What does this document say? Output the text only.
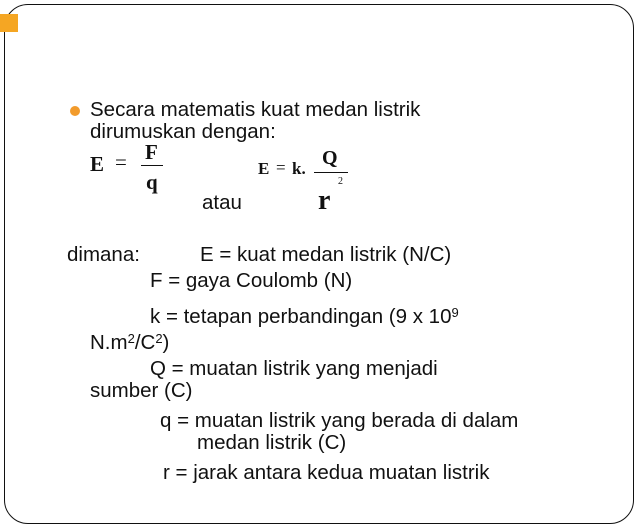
Secara matematis kuat medan listrik
dirumuskan dengan:
E = F
q
E = k. Q
r
2
atau
dimana:	E = kuat medan listrik (N/C)
F = gaya Coulomb (N)
k = tetapan perbandingan (9 x $10^9$
$N.m^2/C^2$)
Q = muatan listrik yang menjadi
sumber (C)
q = muatan listrik yang berada di dalam
medan listrik (C)
r = jarak antara kedua muatan listrik
